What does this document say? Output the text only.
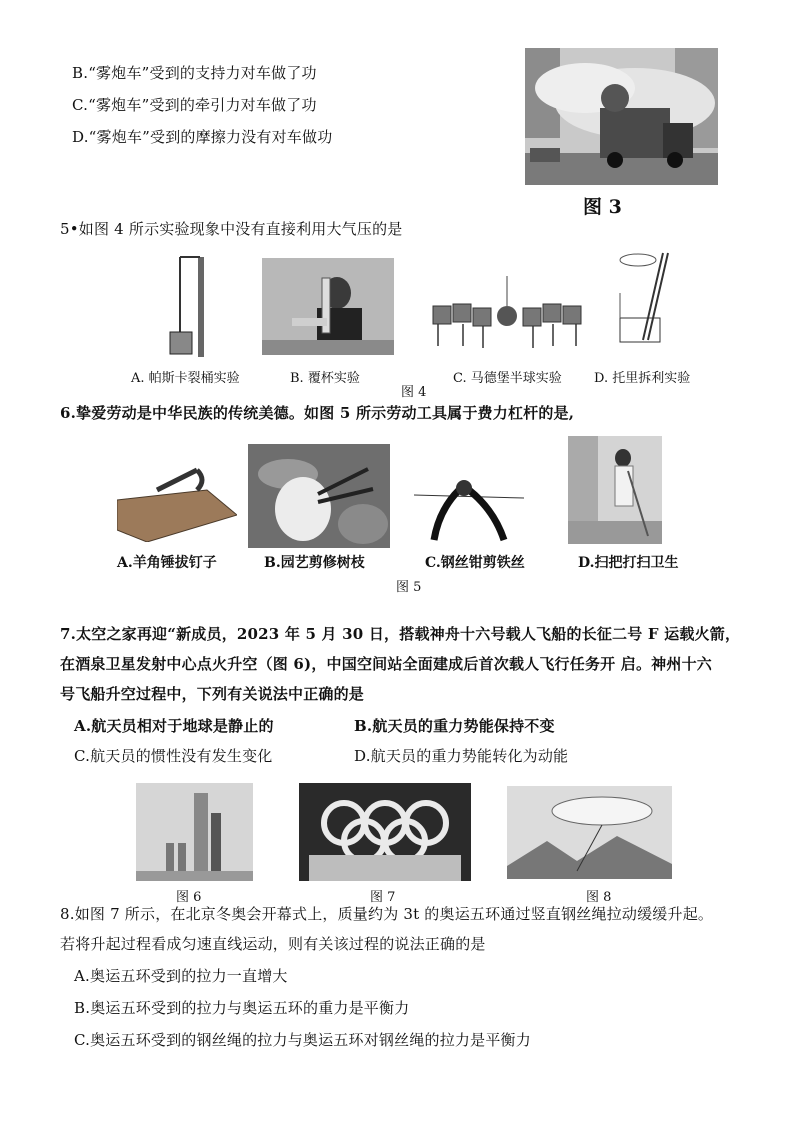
B.“雾炮车”受到的支持力对车做了功
C.“雾炮车”受到的牵引力对车做了功
D.“雾炮车”受到的摩擦力没有对车做功
图 3
5•如图 4 所示实验现象中没有直接利用大气压的是
A. 帕斯卡裂桶实验	B. 覆杯实验	C. 马德堡半球实验 D. 托里拆利实验
图 4
6.挚爱劳动是中华民族的传统美德。如图 5 所示劳动工具属于费力杠杆的是,
A.羊角锤拔钉子	B.园艺剪修树枝	C.钢丝钳剪铁丝	D.扫把打扫卫生
图 5
7.太空之家再迎“新成员，2023 年 5 月 30 日，搭载神舟十六号载人飞船的长征二号 F 运载火箭，
在酒泉卫星发射中心点火升空（图 6)，中国空间站全面建成后首次载人飞行任务开 启。神州十六
号飞船升空过程中，下列有关说法中正确的是
A.航天员相对于地球是静止的	B.航天员的重力势能保持不变
C.航天员的惯性没有发生变化	D.航天员的重力势能转化为动能
图 6	图 7	图 8
8.如图 7 所示，在北京冬奥会开幕式上，质量约为 3t 的奥运五环通过竖直钢丝绳拉动缓缓升起。
若将升起过程看成匀速直线运动，则有关该过程的说法正确的是
A.奥运五环受到的拉力一直增大
B.奥运五环受到的拉力与奥运五环的重力是平衡力
C.奥运五环受到的钢丝绳的拉力与奥运五环对钢丝绳的拉力是平衡力
